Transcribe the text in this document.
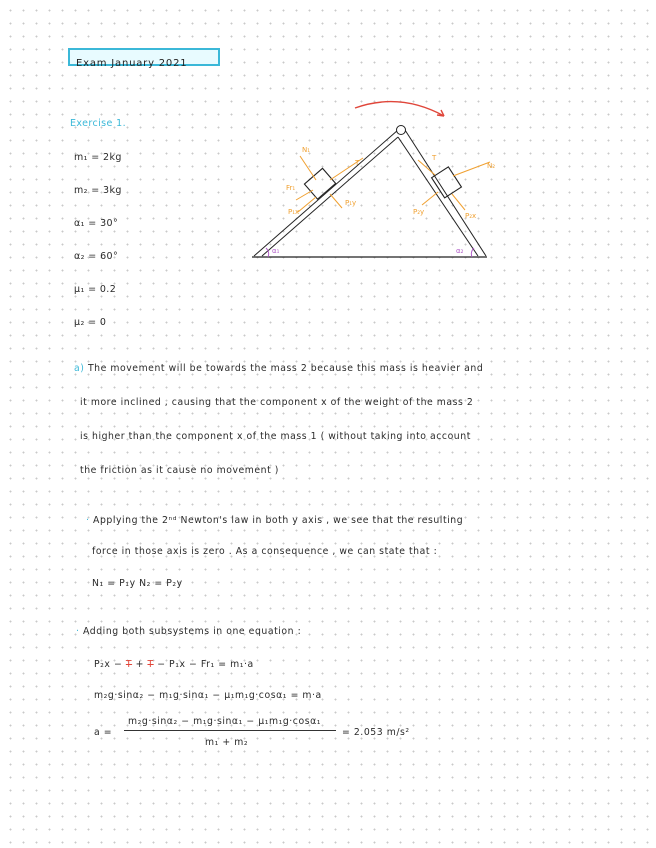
Exam January 2021
Exercise 1.
m₁ = 2kg
m₂ = 3kg
α₁ = 30°
α₂ = 60°
μ₁ = 0.2
μ₂ = 0
N₁
Fr₁
P₁x
P₁y
T
T
N₂
P₂y	P₂x
α₁	α₂
a) The movement will be towards the mass 2 because this mass is heavier and
it more inclined , causing that the component x of the weight of the mass 2
is higher than the component x of the mass 1 ( without taking into account
the friction as it cause no movement )
· Applying the 2ⁿᵈ Newton's law in both y axis , we see that the resulting
force in those axis is zero . As a consequence , we can state that :
N₁ = P₁y N₂ = P₂y
· Adding both subsystems in one equation :
P₂x − T + T − P₁x − Fr₁ = m₁·a
m₂g·sinα₂ − m₁g·sinα₁ − μ₁m₁g·cosα₁ = m·a
a =
m₂g·sinα₂ − m₁g·sinα₁ − μ₁m₁g·cosα₁
m₁ + m₂
= 2.053 m/s²
